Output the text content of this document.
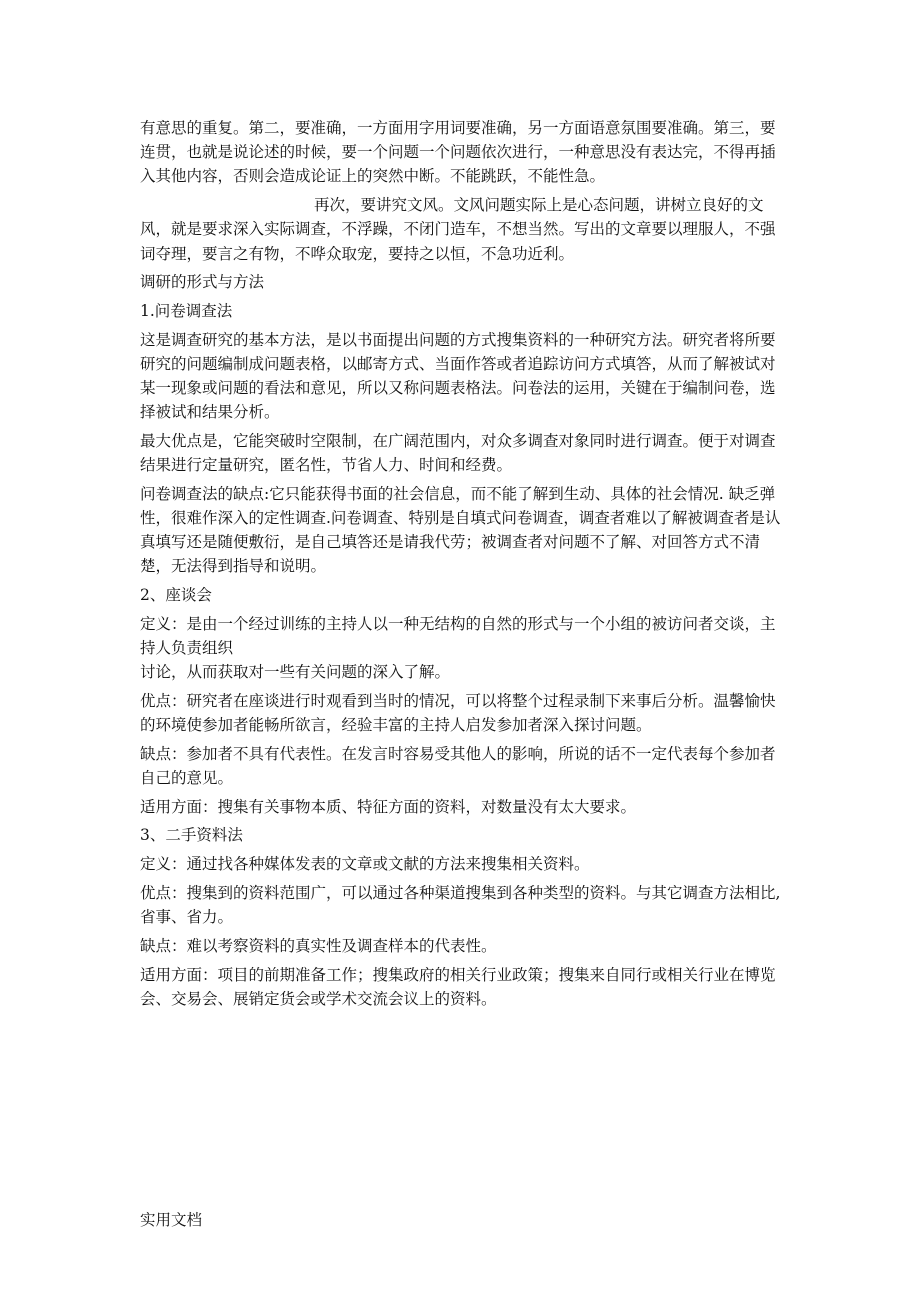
有意思的重复。第二，要准确，一方面用字用词要准确，另一方面语意氛围要准确。第三，要连贯，也就是说论述的时候，要一个问题一个问题依次进行，一种意思没有表达完，不得再插入其他内容，否则会造成论证上的突然中断。不能跳跃，不能性急。

再次，要讲究文风。文风问题实际上是心态问题，讲树立良好的文风，就是要求深入实际调查，不浮躁，不闭门造车，不想当然。写出的文章要以理服人，不强词夺理，要言之有物，不哗众取宠，要持之以恒，不急功近利。

调研的形式与方法

1.问卷调查法

这是调查研究的基本方法，是以书面提出问题的方式搜集资料的一种研究方法。研究者将所要研究的问题编制成问题表格，以邮寄方式、当面作答或者追踪访问方式填答，从而了解被试对某一现象或问题的看法和意见，所以又称问题表格法。问卷法的运用，关键在于编制问卷，选择被试和结果分析。

最大优点是，它能突破时空限制，在广阔范围内，对众多调查对象同时进行调查。便于对调查结果进行定量研究，匿名性，节省人力、时间和经费。

问卷调查法的缺点:它只能获得书面的社会信息，而不能了解到生动、具体的社会情况. 缺乏弹性，很难作深入的定性调查.问卷调查、特别是自填式问卷调查，调查者难以了解被调查者是认真填写还是随便敷衍，是自己填答还是请我代劳；被调查者对问题不了解、对回答方式不清楚，无法得到指导和说明。

2、座谈会

定义：是由一个经过训练的主持人以一种无结构的自然的形式与一个小组的被访问者交谈，主持人负责组织

讨论，从而获取对一些有关问题的深入了解。

优点：研究者在座谈进行时观看到当时的情况，可以将整个过程录制下来事后分析。温馨愉快的环境使参加者能畅所欲言，经验丰富的主持人启发参加者深入探讨问题。

缺点：参加者不具有代表性。在发言时容易受其他人的影响，所说的话不一定代表每个参加者自己的意见。

适用方面：搜集有关事物本质、特征方面的资料，对数量没有太大要求。

3、二手资料法

定义：通过找各种媒体发表的文章或文献的方法来搜集相关资料。

优点：搜集到的资料范围广，可以通过各种渠道搜集到各种类型的资料。与其它调查方法相比,省事、省力。

缺点：难以考察资料的真实性及调查样本的代表性。

适用方面：项目的前期准备工作；搜集政府的相关行业政策；搜集来自同行或相关行业在博览会、交易会、展销定货会或学术交流会议上的资料。

实用文档
